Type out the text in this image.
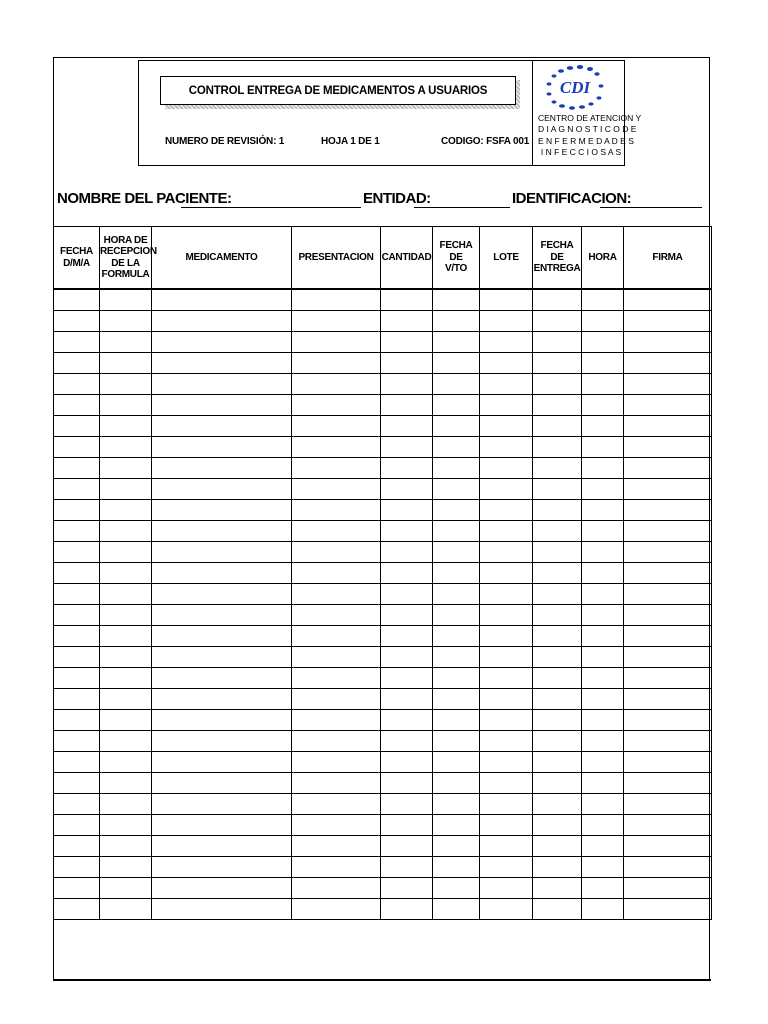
CONTROL ENTREGA DE MEDICAMENTOS A USUARIOS
NUMERO DE REVISIÓN: 1	HOJA 1 DE 1	CODIGO: FSFA 001
CDI
CENTRO DE ATENCION Y
D I A G N O S T I C O D E
E N F E R M E D A D E S
I N F E C C I O S A S
NOMBRE DEL PACIENTE:	ENTIDAD:	IDENTIFICACION:
FECHA
D/M/A	HORA DE
RECEPCION
DE LA
FORMULA	MEDICAMENTO	PRESENTACION	CANTIDAD	FECHA DE
V/TO	LOTE	FECHA DE
ENTREGA	HORA	FIRMA
